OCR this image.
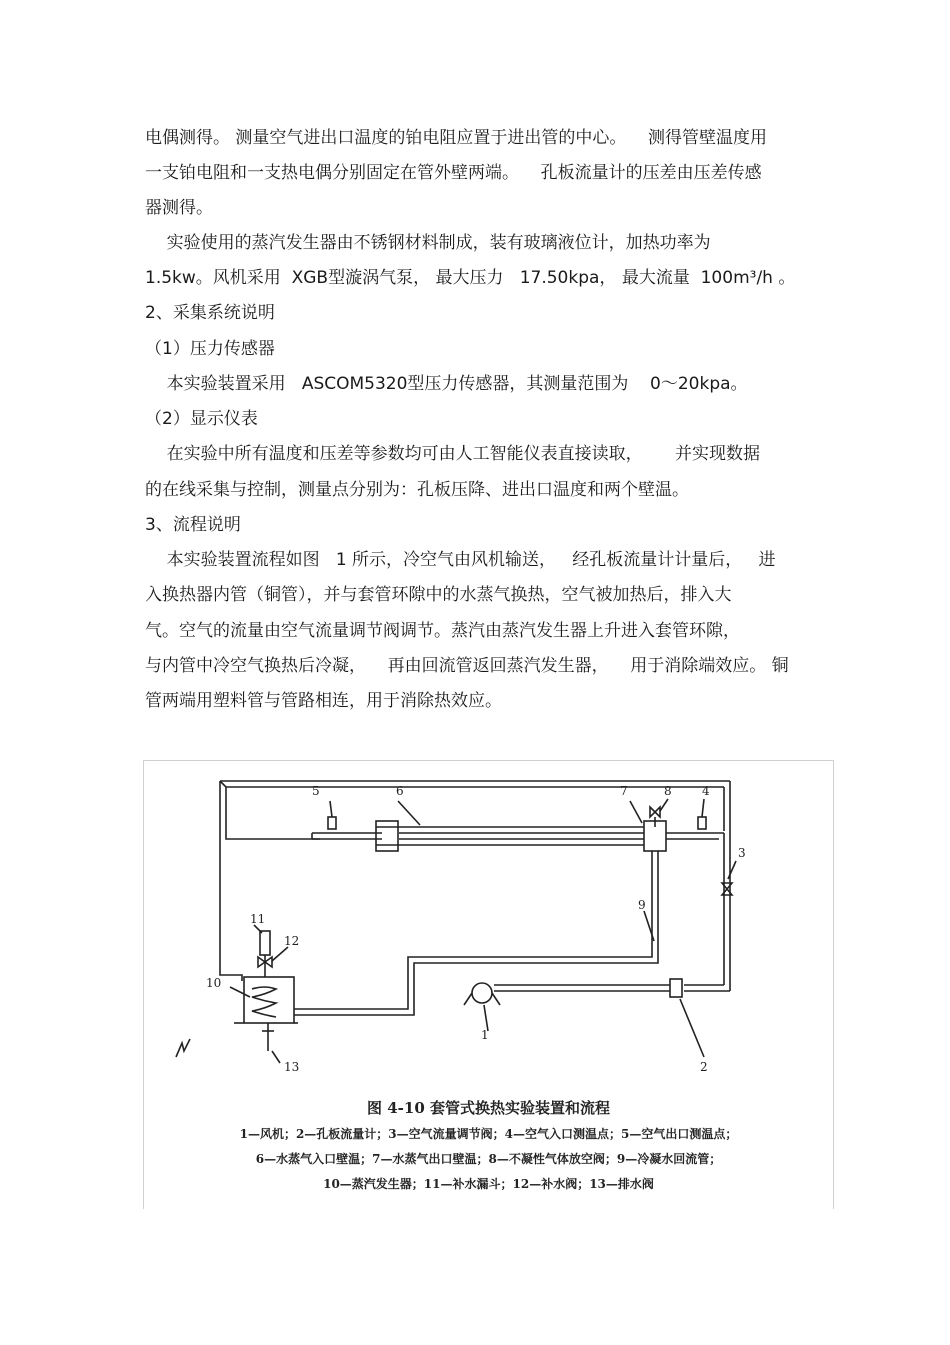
电偶测得。 测量空气进出口温度的铂电阻应置于进出管的中心。    测得管壁温度用
一支铂电阻和一支热电偶分别固定在管外壁两端。    孔板流量计的压差由压差传感
器测得。
实验使用的蒸汽发生器由不锈钢材料制成，装有玻璃液位计，加热功率为
1.5kw。风机采用  XGB型漩涡气泵， 最大压力   17.50kpa， 最大流量  100m³/h 。
2、采集系统说明
（1）压力传感器
本实验装置采用   ASCOM5320型压力传感器，其测量范围为    0～20kpa。
（2）显示仪表
在实验中所有温度和压差等参数均可由人工智能仪表直接读取，      并实现数据
的在线采集与控制，测量点分别为：孔板压降、进出口温度和两个壁温。
3、流程说明
本实验装置流程如图   1 所示，冷空气由风机输送，   经孔板流量计计量后，   进
入换热器内管（铜管），并与套管环隙中的水蒸气换热，空气被加热后，排入大
气。空气的流量由空气流量调节阀调节。蒸汽由蒸汽发生器上升进入套管环隙，
与内管中冷空气换热后冷凝，    再由回流管返回蒸汽发生器，    用于消除端效应。 铜
管两端用塑料管与管路相连，用于消除热效应。
1
2
3
4
5	6	7	8
9
10
11
12
13
图 4-10 套管式换热实验装置和流程
1—风机；2—孔板流量计；3—空气流量调节阀；4—空气入口测温点；5—空气出口测温点；
6—水蒸气入口壁温；7—水蒸气出口壁温；8—不凝性气体放空阀；9—冷凝水回流管；
10—蒸汽发生器；11—补水漏斗；12—补水阀；13—排水阀
